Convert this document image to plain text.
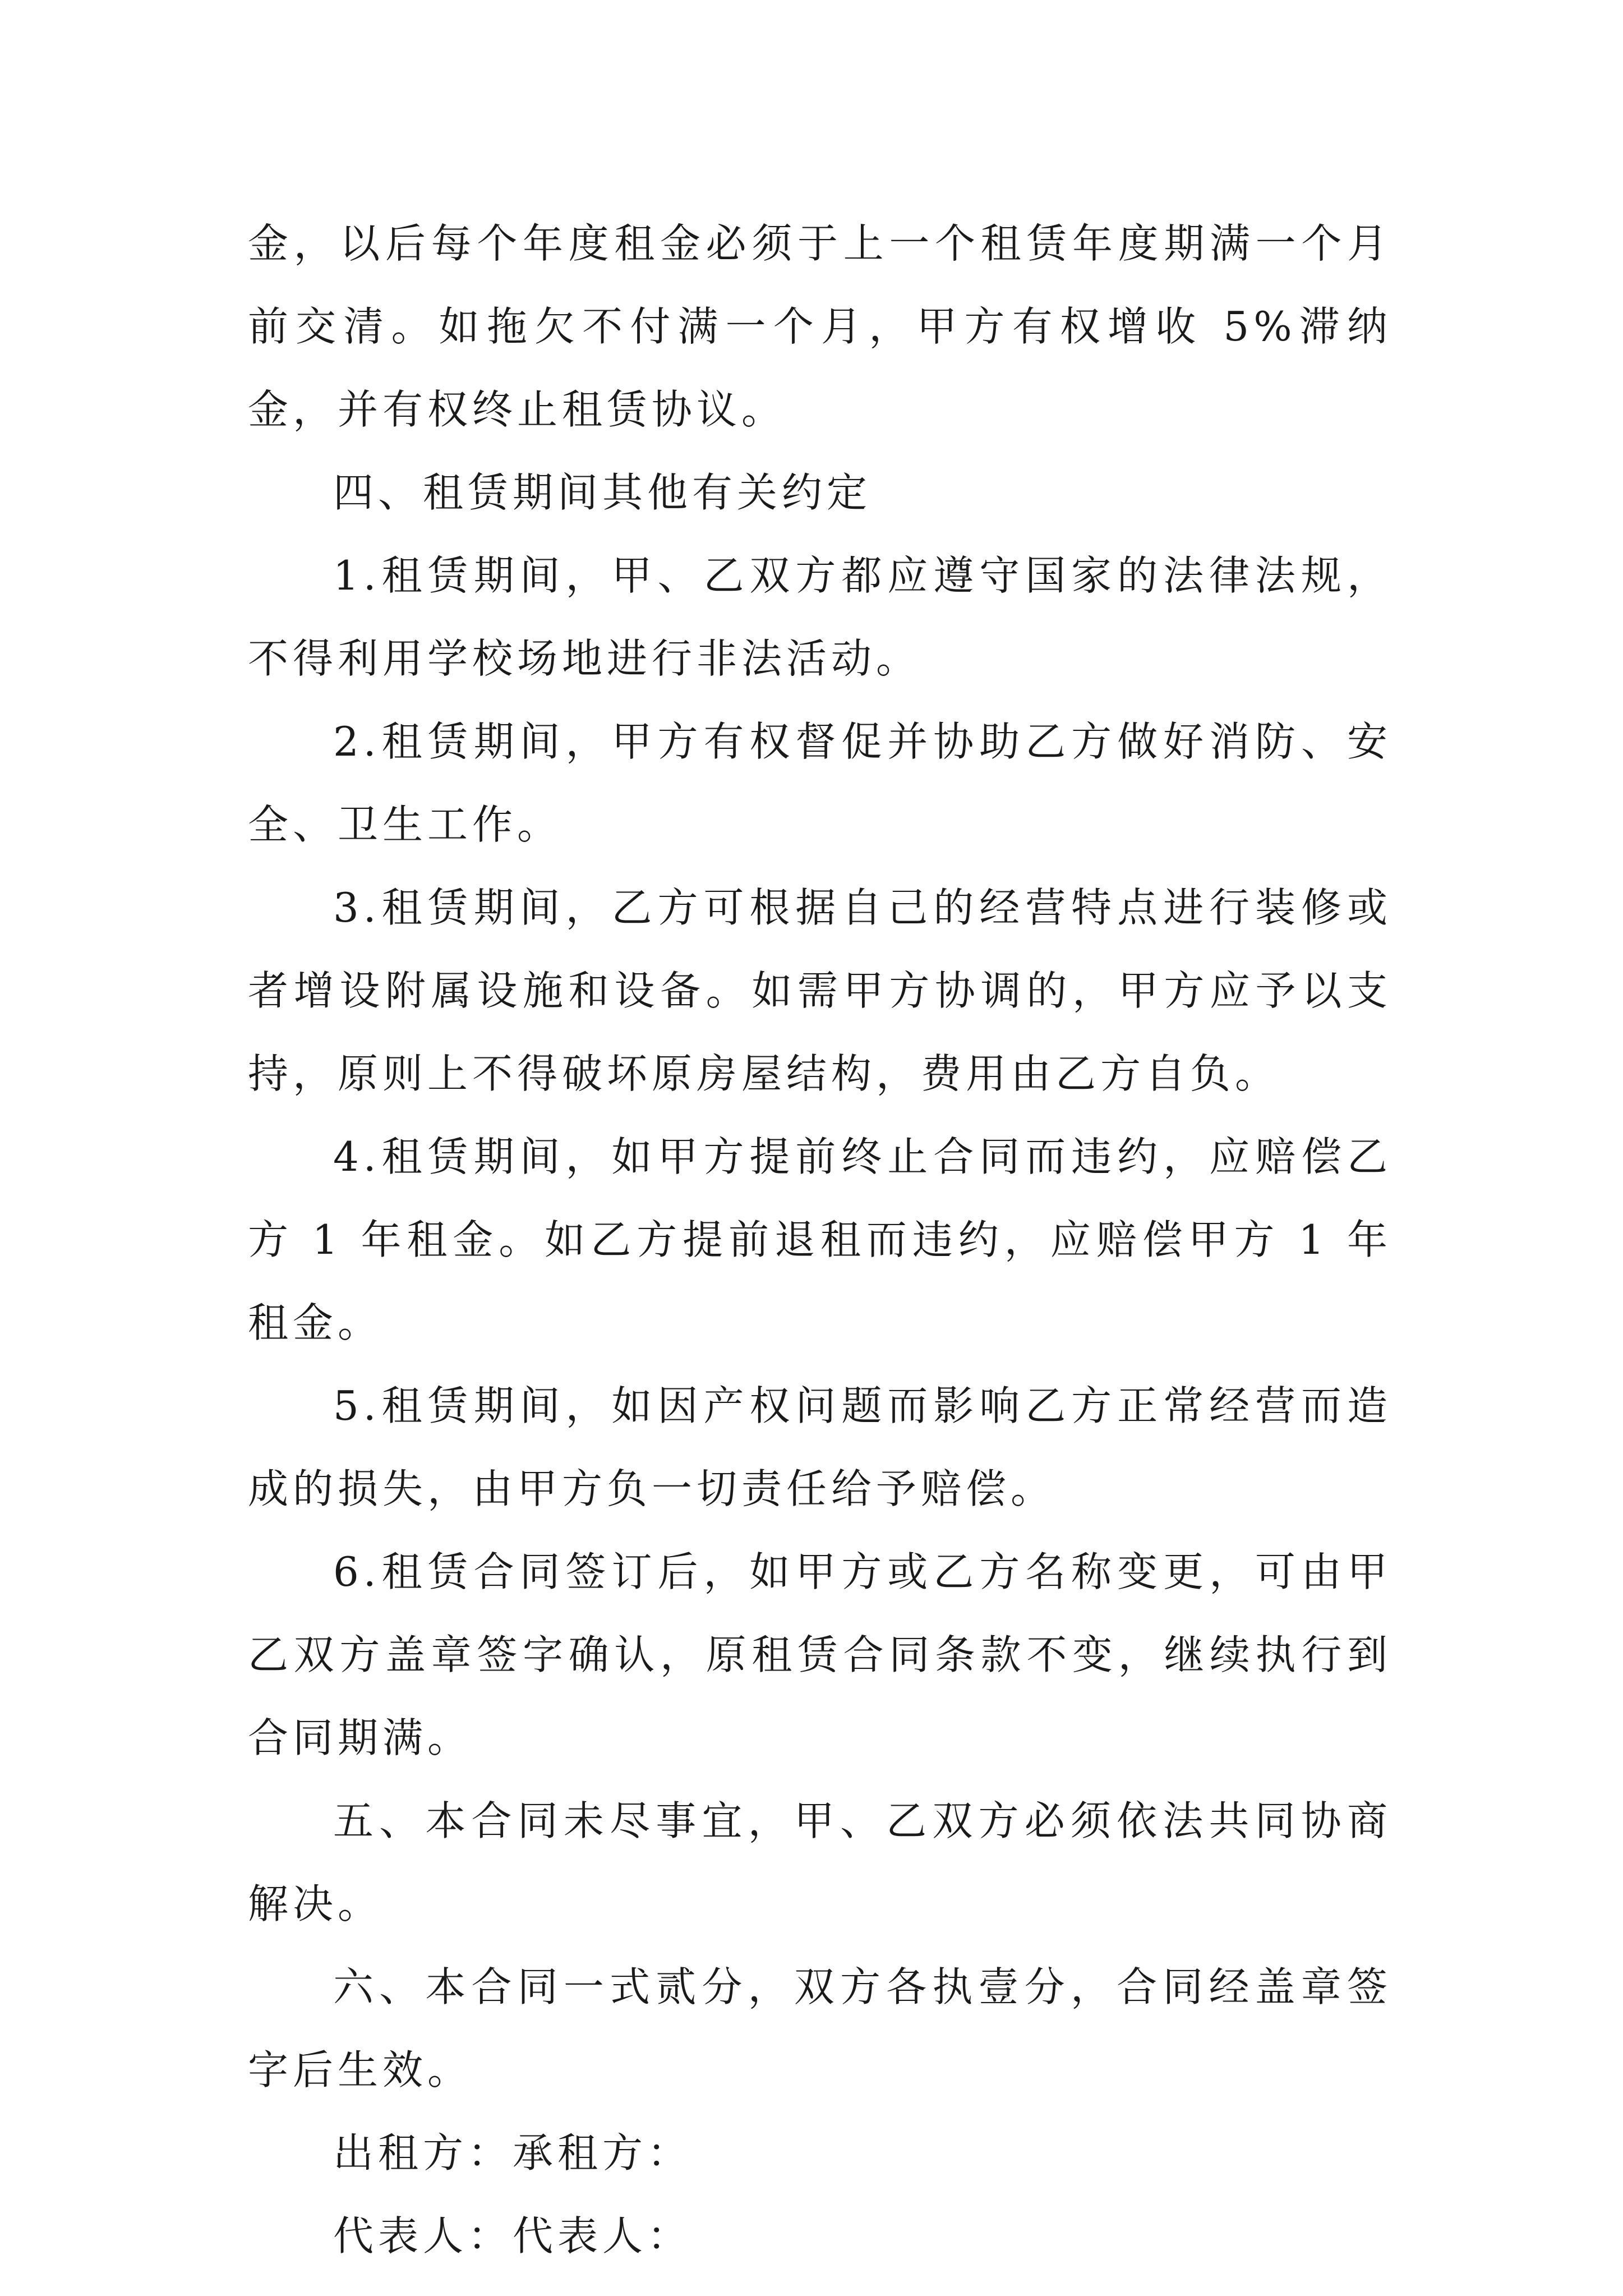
金，以后每个年度租金必须于上一个租赁年度期满一个月前交清。如拖欠不付满一个月，甲方有权增收 5%滞纳金，并有权终止租赁协议。

四、租赁期间其他有关约定

1.租赁期间，甲、乙双方都应遵守国家的法律法规，不得利用学校场地进行非法活动。

2.租赁期间，甲方有权督促并协助乙方做好消防、安全、卫生工作。

3.租赁期间，乙方可根据自己的经营特点进行装修或者增设附属设施和设备。如需甲方协调的，甲方应予以支持，原则上不得破坏原房屋结构，费用由乙方自负。

4.租赁期间，如甲方提前终止合同而违约，应赔偿乙方 1 年租金。如乙方提前退租而违约，应赔偿甲方 1 年租金。

5.租赁期间，如因产权问题而影响乙方正常经营而造成的损失，由甲方负一切责任给予赔偿。

6.租赁合同签订后，如甲方或乙方名称变更，可由甲乙双方盖章签字确认，原租赁合同条款不变，继续执行到合同期满。

五、本合同未尽事宜，甲、乙双方必须依法共同协商解决。

六、本合同一式贰分，双方各执壹分，合同经盖章签字后生效。

出租方：承租方：

代表人：代表人：
